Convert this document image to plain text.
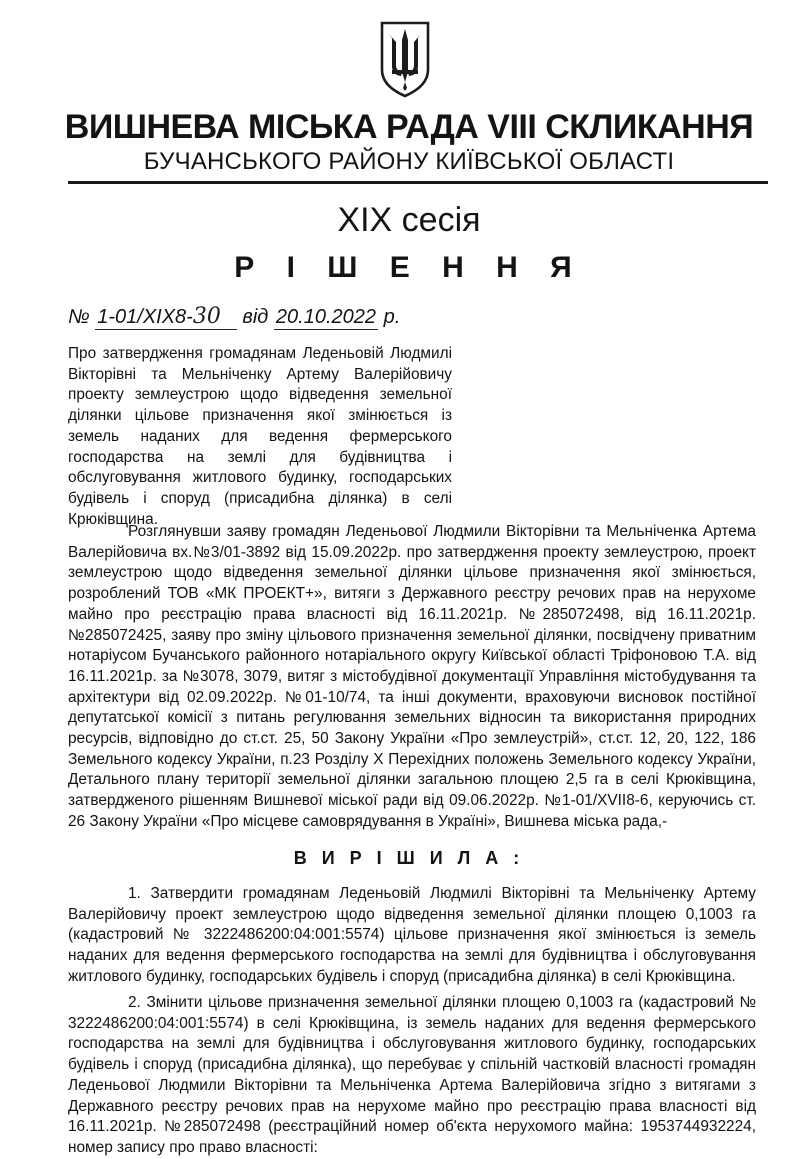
ВИШНЕВА МІСЬКА РАДА VIII СКЛИКАННЯ
БУЧАНСЬКОГО РАЙОНУ КИЇВСЬКОЇ ОБЛАСТІ
XIX сесія
Р І Ш Е Н Н Я
№ 1-01/XIX8-30 від 20.10.2022 р.

Про затвердження громадянам Леденьовій Людмилі Вікторівні та Мельніченку Артему Валерійовичу проекту землеустрою щодо відведення земельної ділянки цільове призначення якої змінюється із земель наданих для ведення фермерського господарства на землі для будівництва і обслуговування житлового будинку, господарських будівель і споруд (присадибна ділянка) в селі Крюківщина.

Розглянувши заяву громадян Леденьової Людмили Вікторівни та Мельніченка Артема Валерійовича вх.№3/01-3892 від 15.09.2022р. про затвердження проекту землеустрою, проект землеустрою щодо відведення земельної ділянки цільове призначення якої змінюється, розроблений ТОВ «МК ПРОЕКТ+», витяги з Державного реєстру речових прав на нерухоме майно про реєстрацію права власності від 16.11.2021р. №285072498, від 16.11.2021р. №285072425, заяву про зміну цільового призначення земельної ділянки, посвідчену приватним нотаріусом Бучанського районного нотаріального округу Київської області Тріфоновою Т.А. від 16.11.2021р. за №3078, 3079, витяг з містобудівної документації Управління містобудування та архітектури від 02.09.2022р. №01-10/74, та інші документи, враховуючи висновок постійної депутатської комісії з питань регулювання земельних відносин та використання природних ресурсів, відповідно до ст.ст. 25, 50 Закону України «Про землеустрій», ст.ст. 12, 20, 122, 186 Земельного кодексу України, п.23 Розділу X Перехідних положень Земельного кодексу України, Детального плану території земельної ділянки загальною площею 2,5 га в селі Крюківщина, затвердженого рішенням Вишневої міської ради від 09.06.2022р. №1-01/XVII8-6, керуючись ст. 26 Закону України «Про місцеве самоврядування в Україні», Вишнева міська рада,-

В И Р І Ш И Л А :

1. Затвердити громадянам Леденьовій Людмилі Вікторівні та Мельніченку Артему Валерійовичу проект землеустрою щодо відведення земельної ділянки площею 0,1003 га (кадастровий № 3222486200:04:001:5574) цільове призначення якої змінюється із земель наданих для ведення фермерського господарства на землі для будівництва і обслуговування житлового будинку, господарських будівель і споруд (присадибна ділянка) в селі Крюківщина.

2. Змінити цільове призначення земельної ділянки площею 0,1003 га (кадастровий № 3222486200:04:001:5574) в селі Крюківщина, із земель наданих для ведення фермерського господарства на землі для будівництва і обслуговування житлового будинку, господарських будівель і споруд (присадибна ділянка), що перебуває у спільній частковій власності громадян Леденьової Людмили Вікторівни та Мельніченка Артема Валерійовича згідно з витягами з Державного реєстру речових прав на нерухоме майно про реєстрацію права власності від 16.11.2021р. №285072498 (реєстраційний номер об'єкта нерухомого майна: 1953744932224, номер запису про право власності:
